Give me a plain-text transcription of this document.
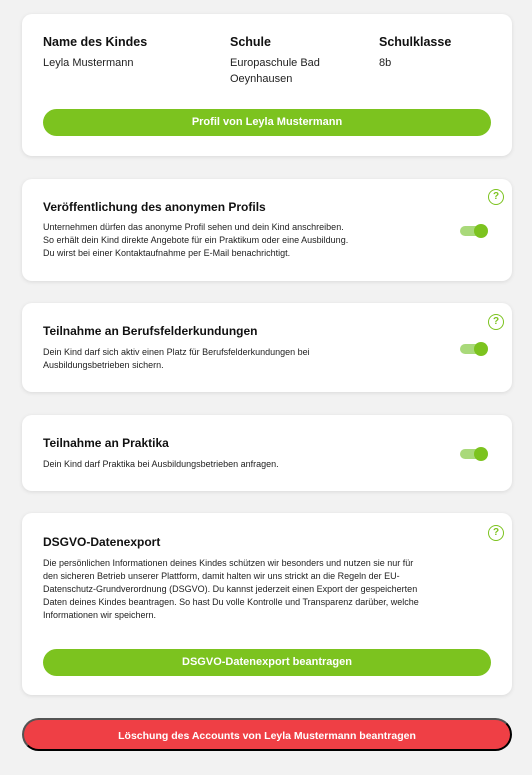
Name des Kindes
Leyla Mustermann
Schule
Europaschule Bad
Oeynhausen
Schulklasse
8b
Profil von Leyla Mustermann
?
Veröffentlichung des anonymen Profils
Unternehmen dürfen das anonyme Profil sehen und dein Kind anschreiben.
So erhält dein Kind direkte Angebote für ein Praktikum oder eine Ausbildung.
Du wirst bei einer Kontaktaufnahme per E-Mail benachrichtigt.
?
Teilnahme an Berufsfelderkundungen
Dein Kind darf sich aktiv einen Platz für Berufsfelderkundungen bei
Ausbildungsbetrieben sichern.
Teilnahme an Praktika
Dein Kind darf Praktika bei Ausbildungsbetrieben anfragen.
?
DSGVO-Datenexport
Die persönlichen Informationen deines Kindes schützen wir besonders und nutzen sie nur für
den sicheren Betrieb unserer Plattform, damit halten wir uns strickt an die Regeln der EU-
Datenschutz-Grundverordnung (DSGVO). Du kannst jederzeit einen Export der gespeicherten
Daten deines Kindes beantragen. So hast Du volle Kontrolle und Transparenz darüber, welche
Informationen wir speichern.
DSGVO-Datenexport beantragen
Löschung des Accounts von Leyla Mustermann beantragen
